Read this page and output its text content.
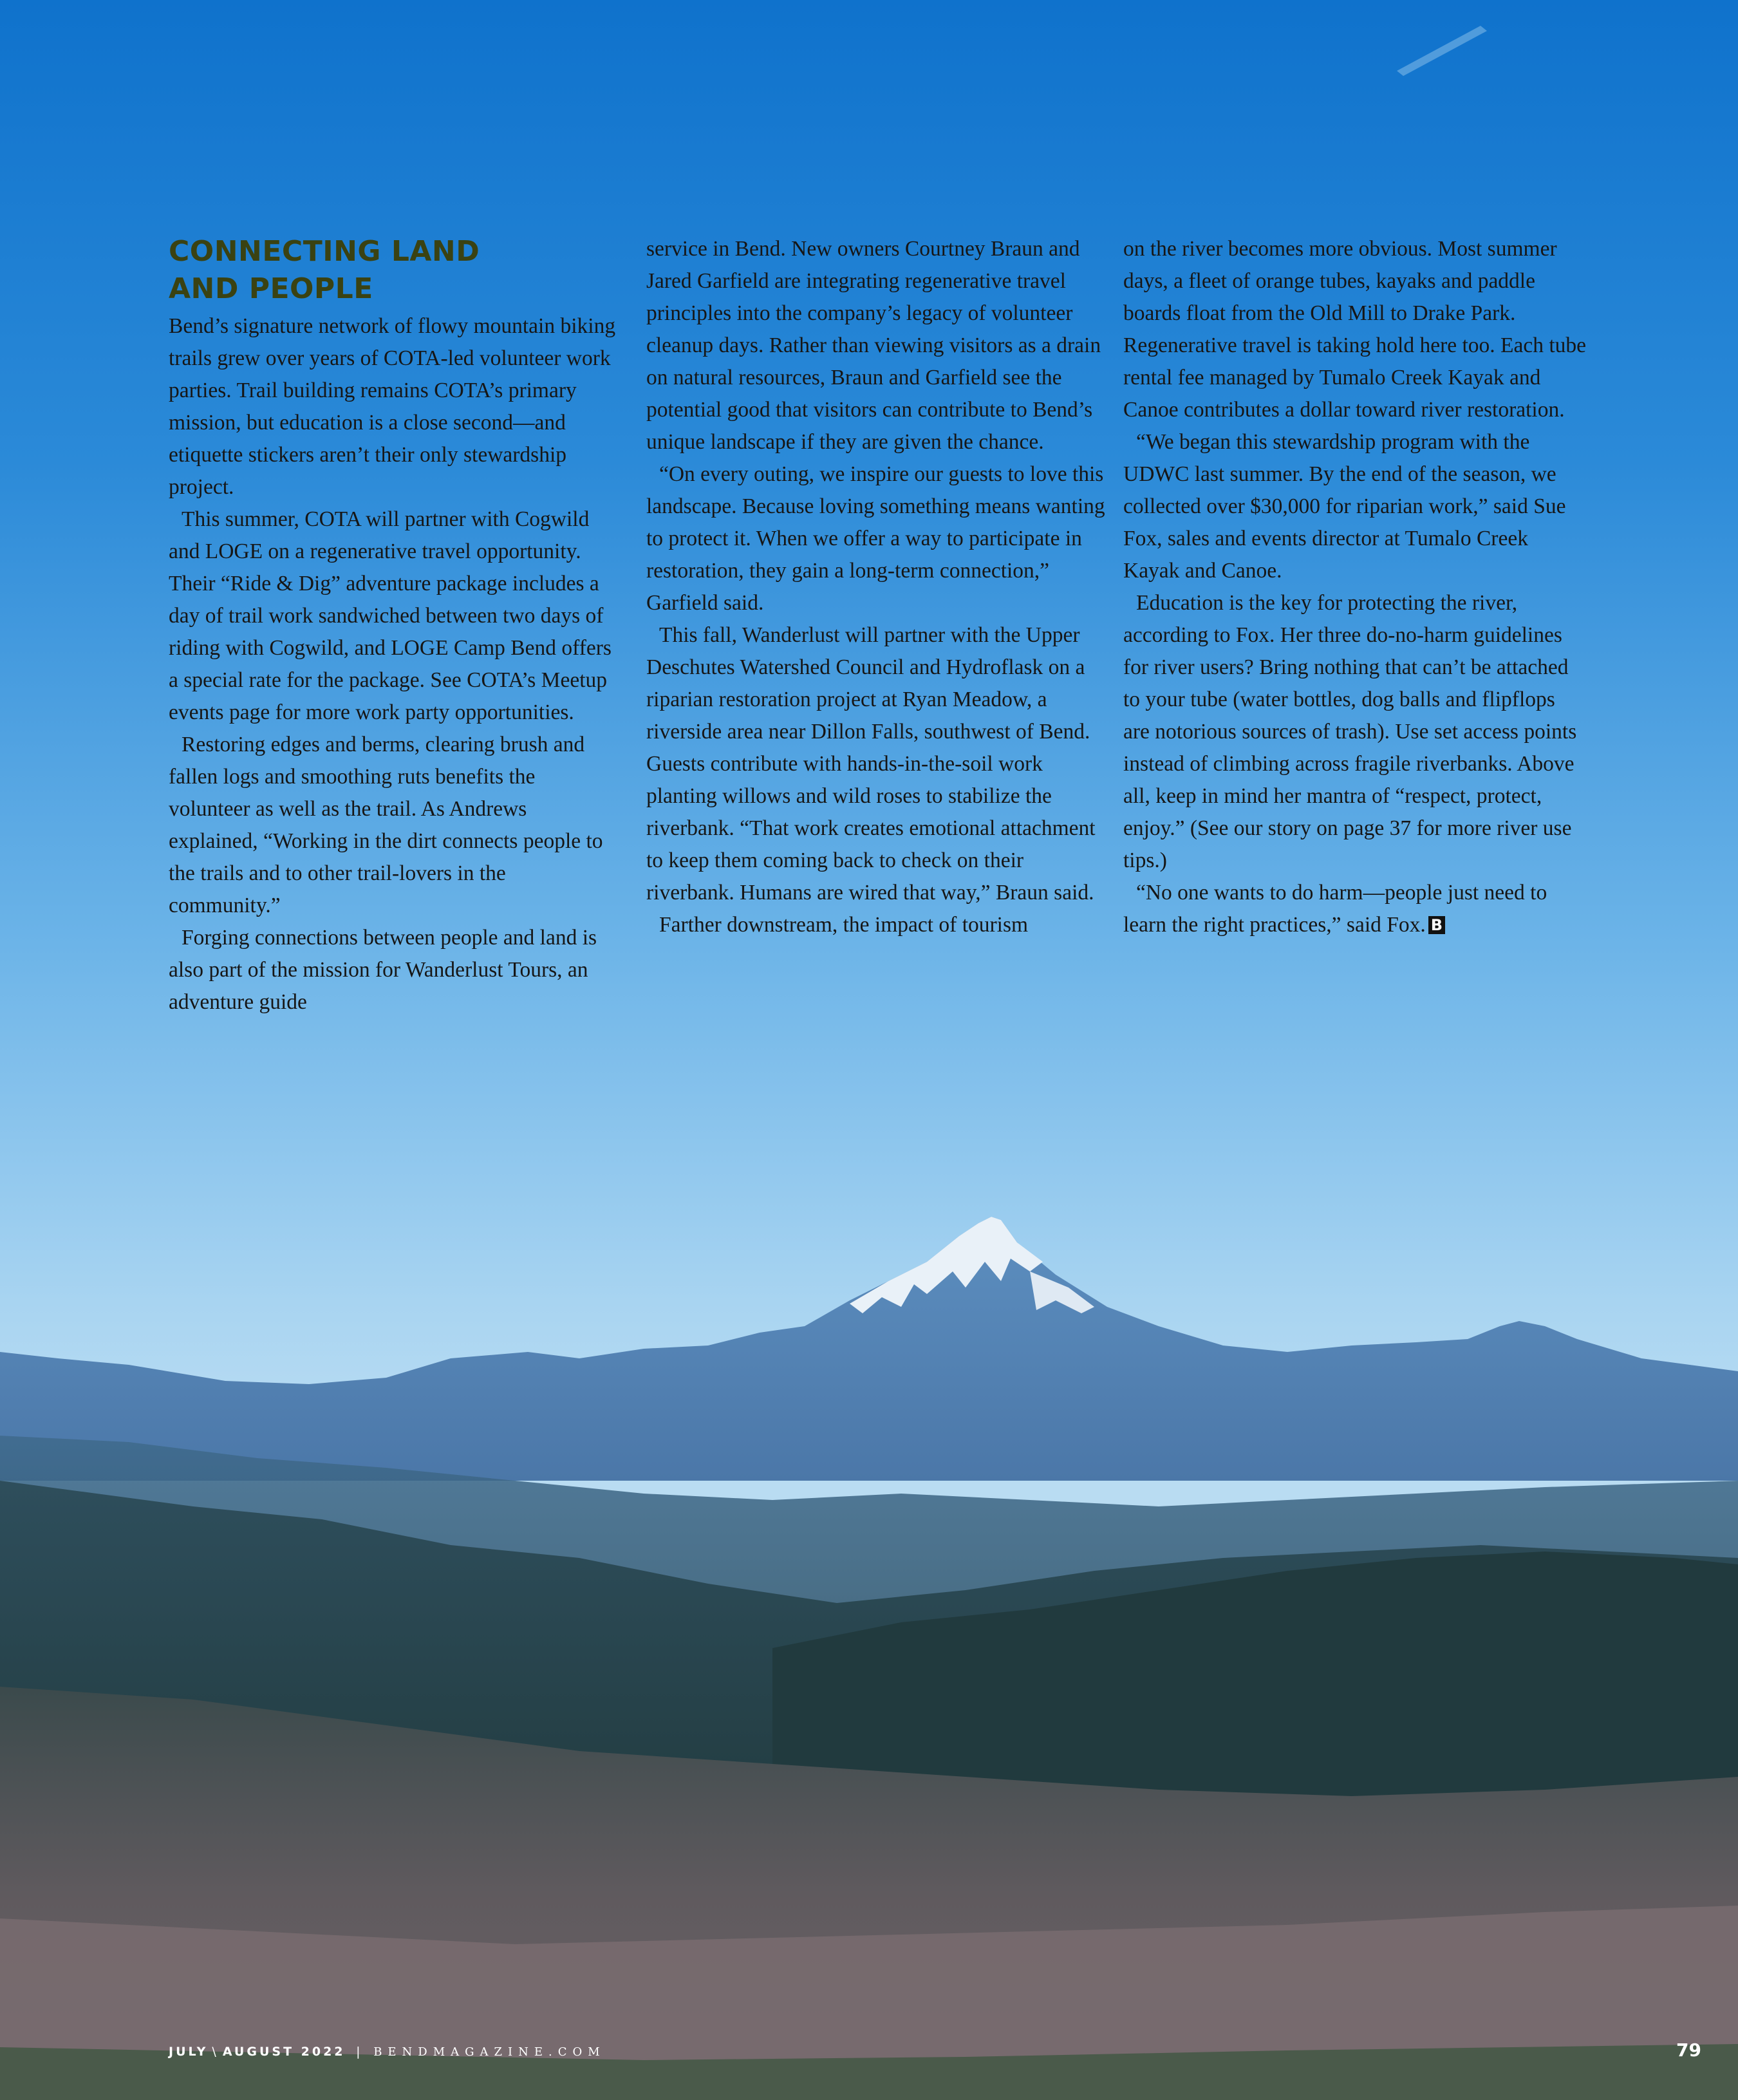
CONNECTING LAND
AND PEOPLE

Bend’s signature network of flowy mountain biking trails grew over years of COTA-led volunteer work parties. Trail building remains COTA’s primary mission, but education is a close second—and etiquette stickers aren’t their only stewardship project.

This summer, COTA will partner with Cogwild and LOGE on a regenerative travel opportunity. Their “Ride & Dig” adventure package includes a day of trail work sandwiched between two days of riding with Cogwild, and LOGE Camp Bend offers a special rate for the package. See COTA’s Meetup events page for more work party opportunities.

Restoring edges and berms, clearing brush and fallen logs and smoothing ruts benefits the volunteer as well as the trail. As Andrews explained, “Working in the dirt connects people to the trails and to other trail-lovers in the community.”

Forging connections between people and land is also part of the mission for Wanderlust Tours, an adventure guide

service in Bend. New owners Courtney Braun and Jared Garfield are integrating regenerative travel principles into the company’s legacy of volunteer cleanup days. Rather than viewing visitors as a drain on natural resources, Braun and Garfield see the potential good that visitors can contribute to Bend’s unique landscape if they are given the chance.

“On every outing, we inspire our guests to love this landscape. Because loving something means wanting to protect it. When we offer a way to participate in restoration, they gain a long-term connection,” Garfield said.

This fall, Wanderlust will partner with the Upper Deschutes Watershed Council and Hydroflask on a riparian restoration project at Ryan Meadow, a riverside area near Dillon Falls, southwest of Bend. Guests contribute with hands-in-the-soil work planting willows and wild roses to stabilize the riverbank. “That work creates emotional attachment to keep them coming back to check on their riverbank. Humans are wired that way,” Braun said.

Farther downstream, the impact of tourism

on the river becomes more obvious. Most summer days, a fleet of orange tubes, kayaks and paddle boards float from the Old Mill to Drake Park. Regenerative travel is taking hold here too. Each tube rental fee managed by Tumalo Creek Kayak and Canoe contributes a dollar toward river restoration.

“We began this stewardship program with the UDWC last summer. By the end of the season, we collected over $30,000 for riparian work,” said Sue Fox, sales and events director at Tumalo Creek Kayak and Canoe.

Education is the key for protecting the river, according to Fox. Her three do-no-harm guidelines for river users? Bring nothing that can’t be attached to your tube (water bottles, dog balls and flipflops are notorious sources of trash). Use set access points instead of climbing across fragile riverbanks. Above all, keep in mind her mantra of “respect, protect, enjoy.” (See our story on page 37 for more river use tips.)

“No one wants to do harm—people just need to learn the right practices,” said Fox. B

JULY \ AUGUST 2022 | BENDMAGAZINE.COM	79
